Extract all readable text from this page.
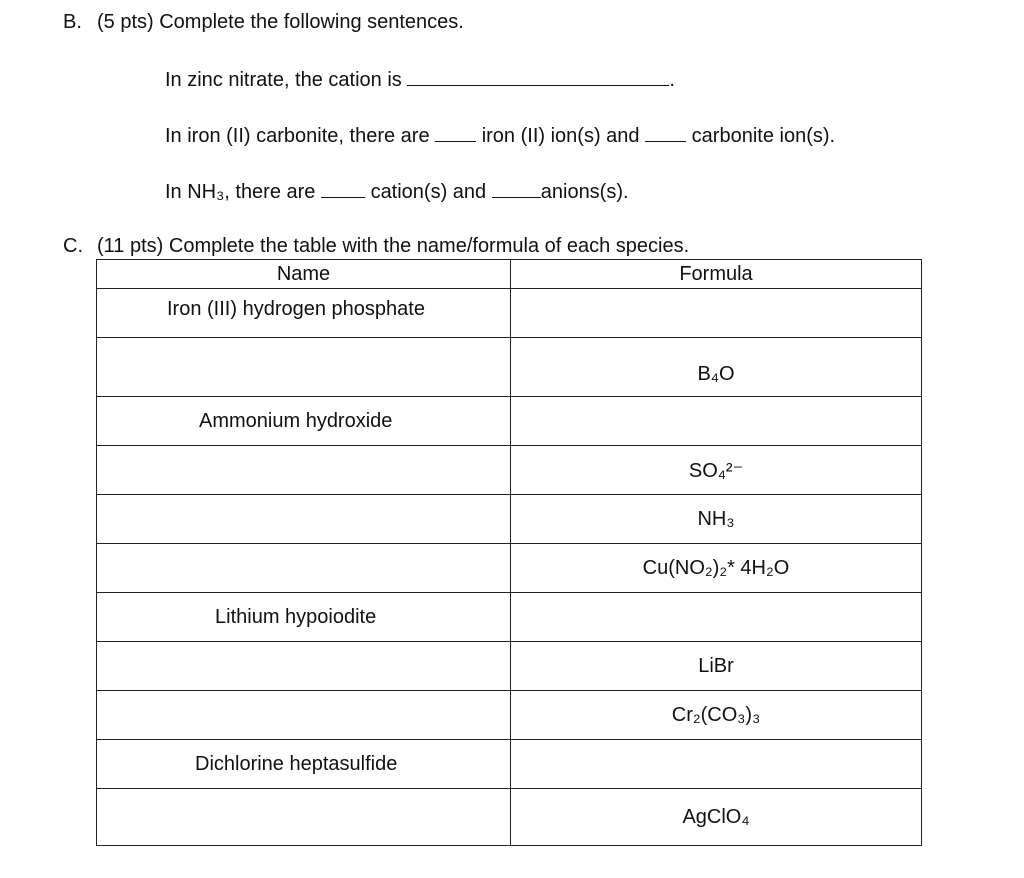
B. (5 pts) Complete the following sentences.
In zinc nitrate, the cation is	.
In iron (II) carbonite, there are	iron (II) ion(s) and	carbonite ion(s).
In NH₃, there are	cation(s) and	anions(s).
C. (11 pts) Complete the table with the name/formula of each species.
Name	Formula
Iron (III) hydrogen phosphate	
	B₄O
Ammonium hydroxide	
	SO₄²⁻
	NH₃
	Cu(NO₂)₂* 4H₂O
Lithium hypoiodite	
	LiBr
	Cr₂(CO₃)₃
Dichlorine heptasulfide	
	AgClO₄
